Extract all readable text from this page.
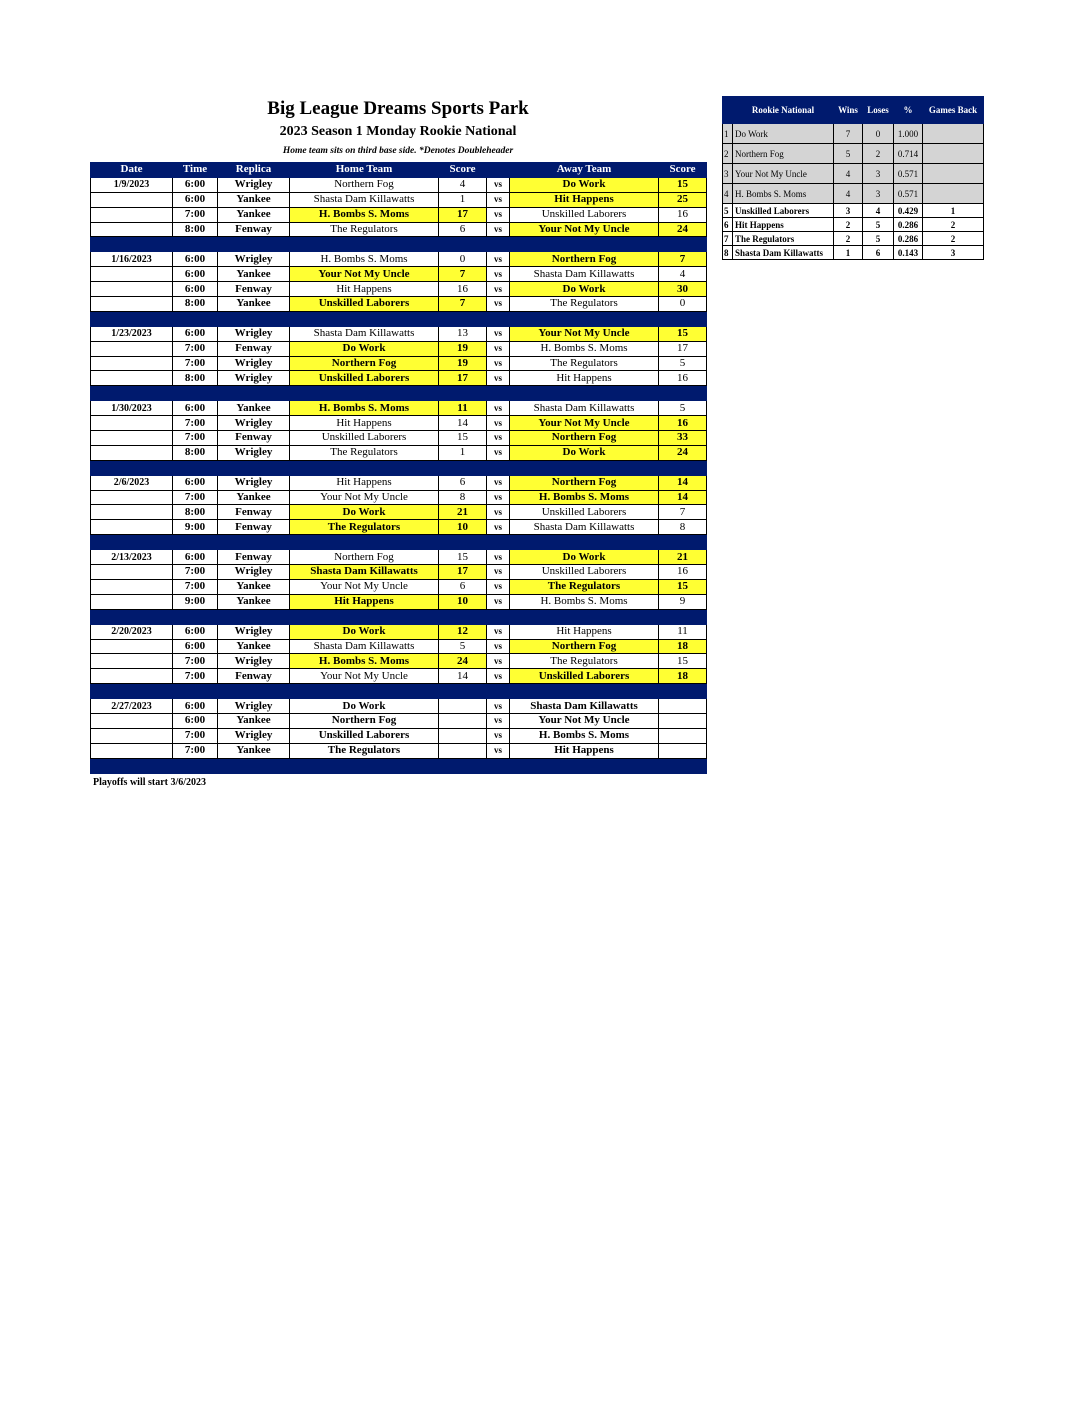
Big League Dreams Sports Park
2023 Season 1 Monday Rookie National
Home team sits on third base side. *Denotes Doubleheader
Date	Time	Replica	Home Team	Score		Away Team	Score
1/9/2023	6:00	Wrigley	Northern Fog	4	vs	Do Work	15
	6:00	Yankee	Shasta Dam Killawatts	1	vs	Hit Happens	25
	7:00	Yankee	H. Bombs S. Moms	17	vs	Unskilled Laborers	16
	8:00	Fenway	The Regulators	6	vs	Your Not My Uncle	24

1/16/2023	6:00	Wrigley	H. Bombs S. Moms	0	vs	Northern Fog	7
	6:00	Yankee	Your Not My Uncle	7	vs	Shasta Dam Killawatts	4
	6:00	Fenway	Hit Happens	16	vs	Do Work	30
	8:00	Yankee	Unskilled Laborers	7	vs	The Regulators	0

1/23/2023	6:00	Wrigley	Shasta Dam Killawatts	13	vs	Your Not My Uncle	15
	7:00	Fenway	Do Work	19	vs	H. Bombs S. Moms	17
	7:00	Wrigley	Northern Fog	19	vs	The Regulators	5
	8:00	Wrigley	Unskilled Laborers	17	vs	Hit Happens	16

1/30/2023	6:00	Yankee	H. Bombs S. Moms	11	vs	Shasta Dam Killawatts	5
	7:00	Wrigley	Hit Happens	14	vs	Your Not My Uncle	16
	7:00	Fenway	Unskilled Laborers	15	vs	Northern Fog	33
	8:00	Wrigley	The Regulators	1	vs	Do Work	24

2/6/2023	6:00	Wrigley	Hit Happens	6	vs	Northern Fog	14
	7:00	Yankee	Your Not My Uncle	8	vs	H. Bombs S. Moms	14
	8:00	Fenway	Do Work	21	vs	Unskilled Laborers	7
	9:00	Fenway	The Regulators	10	vs	Shasta Dam Killawatts	8

2/13/2023	6:00	Fenway	Northern Fog	15	vs	Do Work	21
	7:00	Wrigley	Shasta Dam Killawatts	17	vs	Unskilled Laborers	16
	7:00	Yankee	Your Not My Uncle	6	vs	The Regulators	15
	9:00	Yankee	Hit Happens	10	vs	H. Bombs S. Moms	9

2/20/2023	6:00	Wrigley	Do Work	12	vs	Hit Happens	11
	6:00	Yankee	Shasta Dam Killawatts	5	vs	Northern Fog	18
	7:00	Wrigley	H. Bombs S. Moms	24	vs	The Regulators	15
	7:00	Fenway	Your Not My Uncle	14	vs	Unskilled Laborers	18

2/27/2023	6:00	Wrigley	Do Work		vs	Shasta Dam Killawatts	
	6:00	Yankee	Northern Fog		vs	Your Not My Uncle	
	7:00	Wrigley	Unskilled Laborers		vs	H. Bombs S. Moms	
	7:00	Yankee	The Regulators		vs	Hit Happens	

Playoffs will start 3/6/2023
	Rookie National	Wins	Loses	%	Games Back
1	Do Work	7	0	1.000	
2	Northern Fog	5	2	0.714	
3	Your Not My Uncle	4	3	0.571	
4	H. Bombs S. Moms	4	3	0.571	
5	Unskilled Laborers	3	4	0.429	1
6	Hit Happens	2	5	0.286	2
7	The Regulators	2	5	0.286	2
8	Shasta Dam Killawatts	1	6	0.143	3
